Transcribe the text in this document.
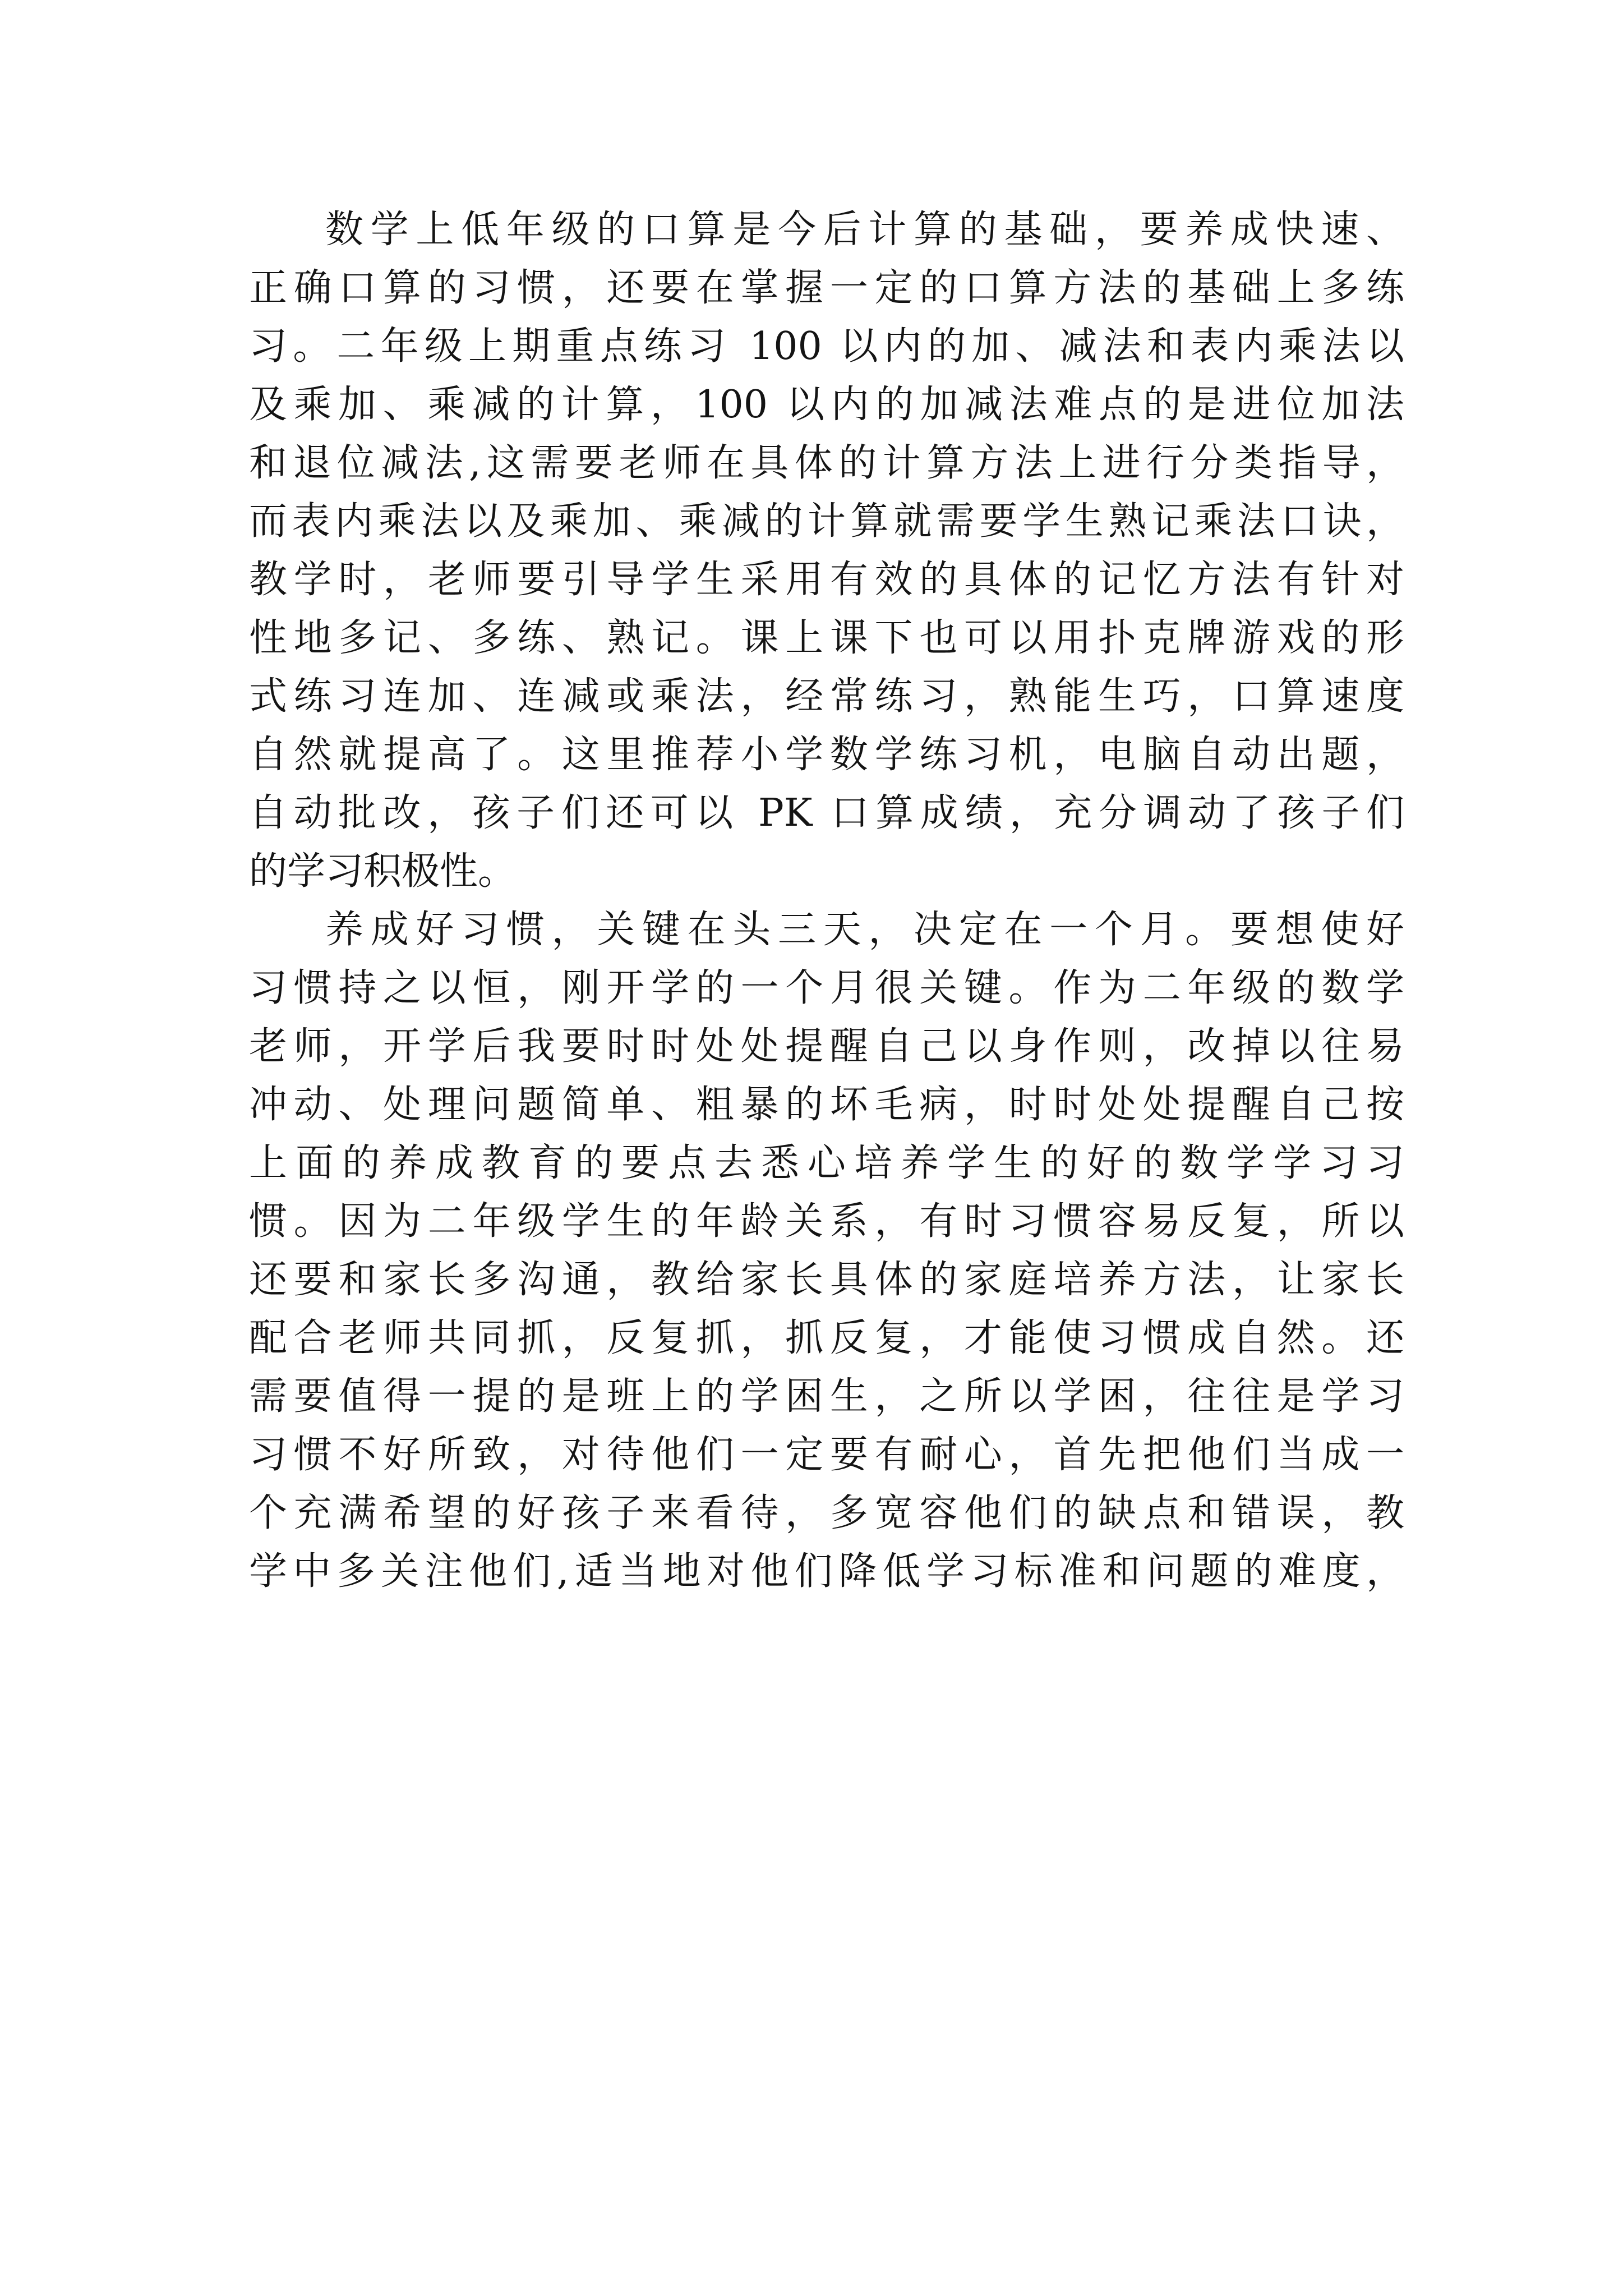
数学上低年级的口算是今后计算的基础，要养成快速、
正确口算的习惯，还要在掌握一定的口算方法的基础上多练
习。二年级上期重点练习 100 以内的加、减法和表内乘法以
及乘加、乘减的计算，100 以内的加减法难点的是进位加法
和退位减法,这需要老师在具体的计算方法上进行分类指导，
而表内乘法以及乘加、乘减的计算就需要学生熟记乘法口诀，
教学时，老师要引导学生采用有效的具体的记忆方法有针对
性地多记、多练、熟记。课上课下也可以用扑克牌游戏的形
式练习连加、连减或乘法，经常练习，熟能生巧，口算速度
自然就提高了。这里推荐小学数学练习机，电脑自动出题，
自动批改，孩子们还可以 PK 口算成绩，充分调动了孩子们
的学习积极性。
养成好习惯，关键在头三天，决定在一个月。要想使好
习惯持之以恒，刚开学的一个月很关键。作为二年级的数学
老师，开学后我要时时处处提醒自己以身作则，改掉以往易
冲动、处理问题简单、粗暴的坏毛病，时时处处提醒自己按
上面的养成教育的要点去悉心培养学生的好的数学学习习
惯。因为二年级学生的年龄关系，有时习惯容易反复，所以
还要和家长多沟通，教给家长具体的家庭培养方法，让家长
配合老师共同抓，反复抓，抓反复，才能使习惯成自然。还
需要值得一提的是班上的学困生，之所以学困，往往是学习
习惯不好所致，对待他们一定要有耐心，首先把他们当成一
个充满希望的好孩子来看待，多宽容他们的缺点和错误，教
学中多关注他们,适当地对他们降低学习标准和问题的难度，
